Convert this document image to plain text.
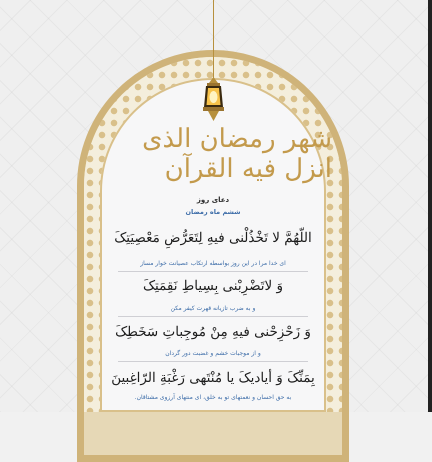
شهر رمضان الذی انزل فیه القرآن
دعای روز
ششم ماه رمضان
اللّهُمَّ لا تَخْذُلْنی فیهِ لِتَعَرُّضِ مَعْصِیَتِکَ
ای خدا مرا در این روز بواسطه ارتکاب عصیانت خوار مساز
وَ لاتَضْرِبْنی بِسِیاطِ نَقِمَتِکَ
و به ضرب تازیانه قهرت کیفر مکن
وَ زَحْزِحْنی فیهِ مِنْ مُوجِباتِ سَخَطِکَ
و از موجبات خشم و غضبت دور گردان
بِمَنِّکَ وَ أیادیکَ یا مُنْتَهی رَغْبَةِ الرّاغِبینَ
به حق احسان و نعمتهای تو به خلق، ای منتهای آرزوی مشتاقان.
